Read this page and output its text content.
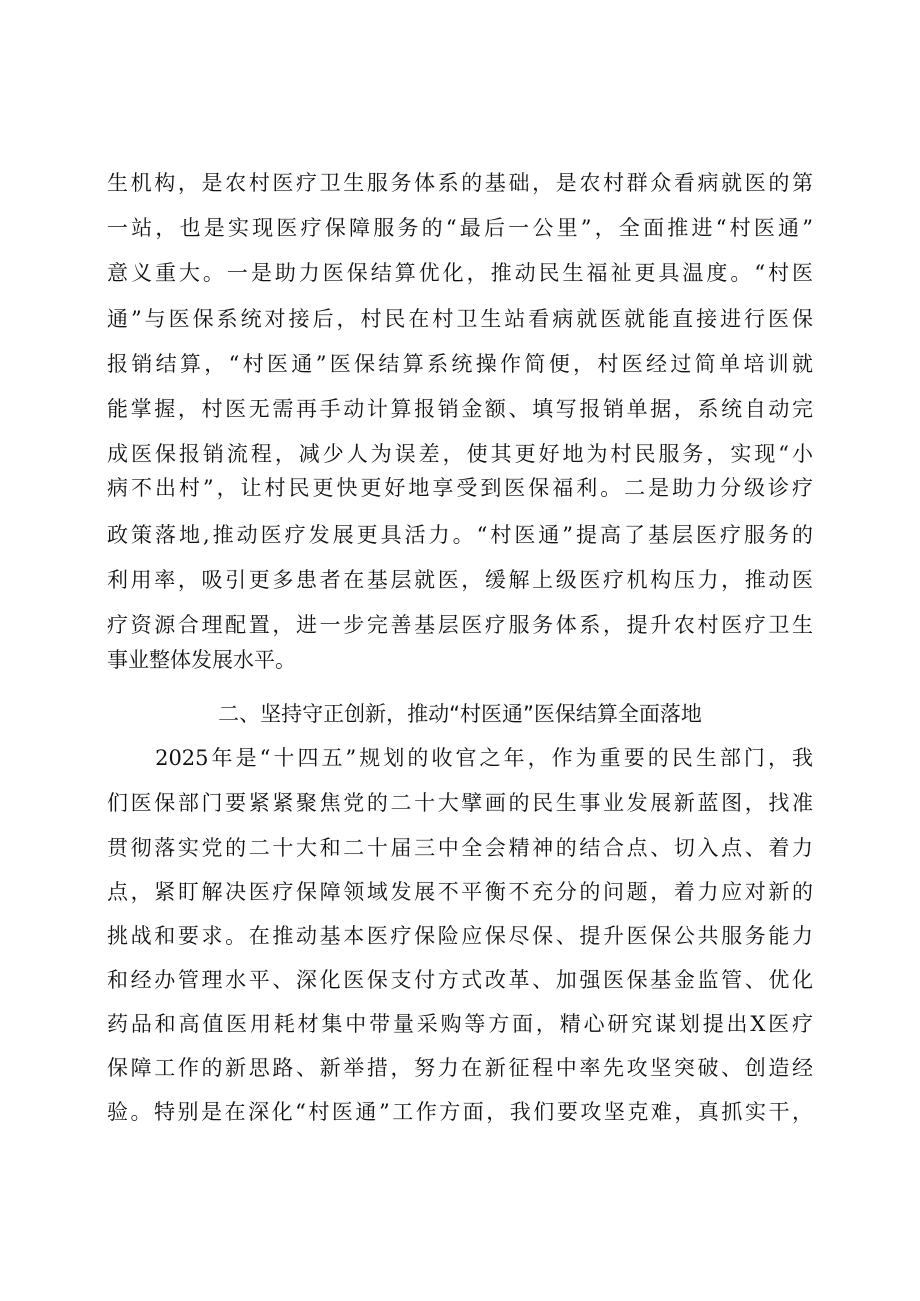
生机构，是农村医疗卫生服务体系的基础，是农村群众看病就医的第
一站，也是实现医疗保障服务的“最后一公里”，全面推进“村医通”
意义重大。一是助力医保结算优化，推动民生福祉更具温度。“村医
通”与医保系统对接后，村民在村卫生站看病就医就能直接进行医保
报销结算，“村医通”医保结算系统操作简便，村医经过简单培训就
能掌握，村医无需再手动计算报销金额、填写报销单据，系统自动完
成医保报销流程，减少人为误差，使其更好地为村民服务，实现“小
病不出村”，让村民更快更好地享受到医保福利。二是助力分级诊疗
政策落地,推动医疗发展更具活力。“村医通”提高了基层医疗服务的
利用率，吸引更多患者在基层就医，缓解上级医疗机构压力，推动医
疗资源合理配置，进一步完善基层医疗服务体系，提升农村医疗卫生
事业整体发展水平。
二、坚持守正创新，推动“村医通”医保结算全面落地
　　2025年是“十四五”规划的收官之年，作为重要的民生部门，我
们医保部门要紧紧聚焦党的二十大擘画的民生事业发展新蓝图，找准
贯彻落实党的二十大和二十届三中全会精神的结合点、切入点、着力
点，紧盯解决医疗保障领域发展不平衡不充分的问题，着力应对新的
挑战和要求。在推动基本医疗保险应保尽保、提升医保公共服务能力
和经办管理水平、深化医保支付方式改革、加强医保基金监管、优化
药品和高值医用耗材集中带量采购等方面，精心研究谋划提出X医疗
保障工作的新思路、新举措，努力在新征程中率先攻坚突破、创造经
验。特别是在深化“村医通”工作方面，我们要攻坚克难，真抓实干，
